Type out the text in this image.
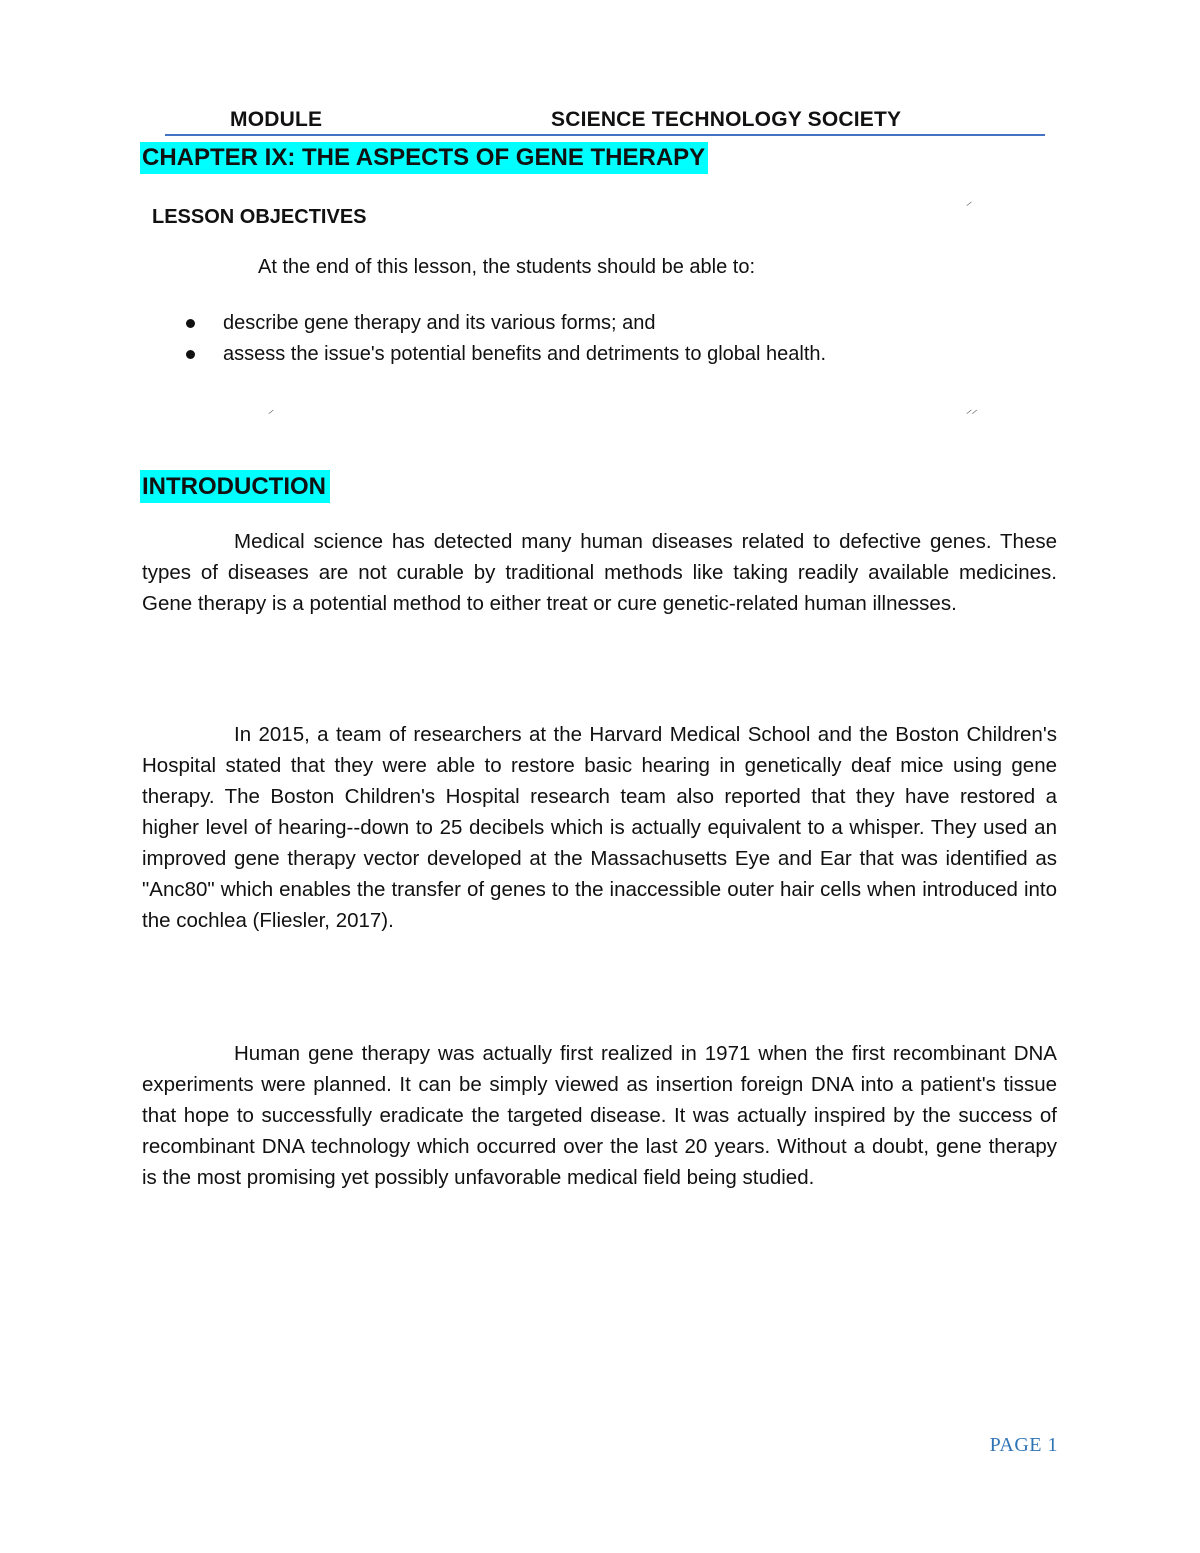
MODULE	SCIENCE TECHNOLOGY SOCIETY
CHAPTER IX: THE ASPECTS OF GENE THERAPY
⸝
LESSON OBJECTIVES
At the end of this lesson, the students should be able to:
describe gene therapy and its various forms; and
assess the issue's potential benefits and detriments to global health.
⸝	⸝⸝
INTRODUCTION

Medical science has detected many human diseases related to defective genes. These types of diseases are not curable by traditional methods like taking readily available medicines. Gene therapy is a potential method to either treat or cure genetic-related human illnesses.

In 2015, a team of researchers at the Harvard Medical School and the Boston Children's Hospital stated that they were able to restore basic hearing in genetically deaf mice using gene therapy. The Boston Children's Hospital research team also reported that they have restored a higher level of hearing--down to 25 decibels which is actually equivalent to a whisper. They used an improved gene therapy vector developed at the Massachusetts Eye and Ear that was identified as "Anc80" which enables the transfer of genes to the inaccessible outer hair cells when introduced into the cochlea (Fliesler, 2017).

Human gene therapy was actually first realized in 1971 when the first recombinant DNA experiments were planned. It can be simply viewed as insertion foreign DNA into a patient's tissue that hope to successfully eradicate the targeted disease. It was actually inspired by the success of recombinant DNA technology which occurred over the last 20 years. Without a doubt, gene therapy is the most promising yet possibly unfavorable medical field being studied.

PAGE 1
